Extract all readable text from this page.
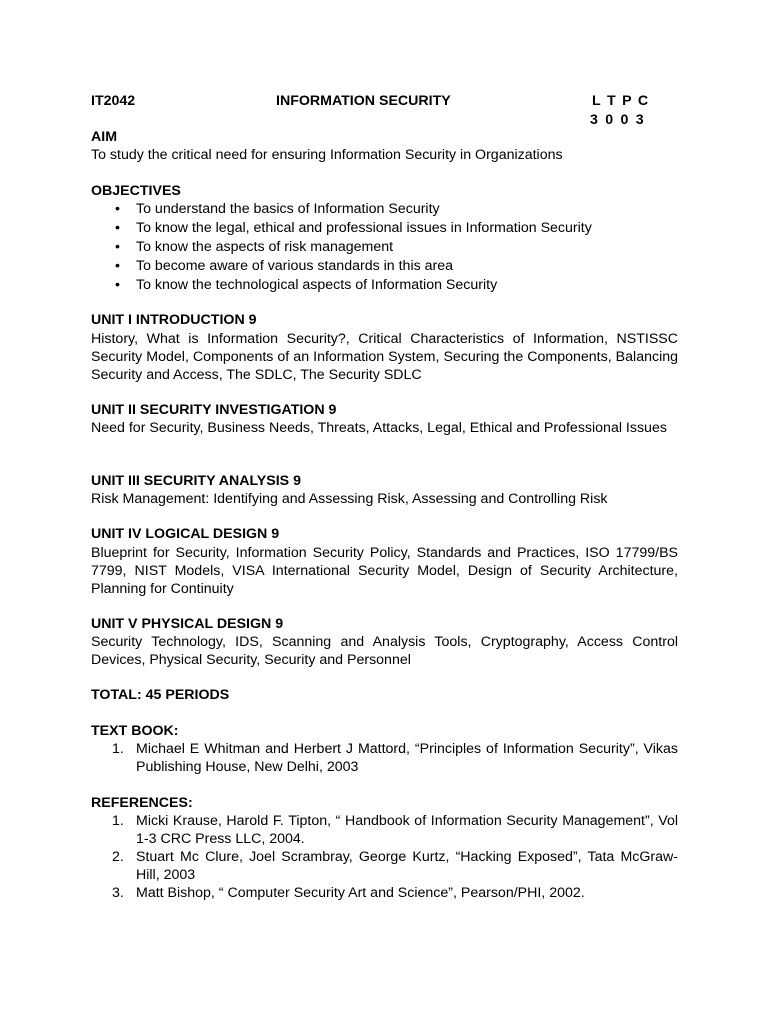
IT2042	INFORMATION SECURITY	L T P C
3 0 0 3
AIM
To study the critical need for ensuring Information Security in Organizations
OBJECTIVES
• To understand the basics of Information Security
• To know the legal, ethical and professional issues in Information Security
• To know the aspects of risk management
• To become aware of various standards in this area
• To know the technological aspects of Information Security
UNIT I INTRODUCTION 9
History, What is Information Security?, Critical Characteristics of Information, NSTISSC Security Model, Components of an Information System, Securing the Components, Balancing Security and Access, The SDLC, The Security SDLC
UNIT II SECURITY INVESTIGATION 9
Need for Security, Business Needs, Threats, Attacks, Legal, Ethical and Professional Issues
UNIT III SECURITY ANALYSIS 9
Risk Management: Identifying and Assessing Risk, Assessing and Controlling Risk
UNIT IV LOGICAL DESIGN 9
Blueprint for Security, Information Security Policy, Standards and Practices, ISO 17799/BS 7799, NIST Models, VISA International Security Model, Design of Security Architecture, Planning for Continuity
UNIT V PHYSICAL DESIGN 9
Security Technology, IDS, Scanning and Analysis Tools, Cryptography, Access Control Devices, Physical Security, Security and Personnel
TOTAL: 45 PERIODS
TEXT BOOK:
1. Michael E Whitman and Herbert J Mattord, “Principles of Information Security”, Vikas Publishing House, New Delhi, 2003
REFERENCES:
1. Micki Krause, Harold F. Tipton, “ Handbook of Information Security Management”, Vol 1-3 CRC Press LLC, 2004.
2. Stuart Mc Clure, Joel Scrambray, George Kurtz, “Hacking Exposed”, Tata McGraw-Hill, 2003
3. Matt Bishop, “ Computer Security Art and Science”, Pearson/PHI, 2002.
